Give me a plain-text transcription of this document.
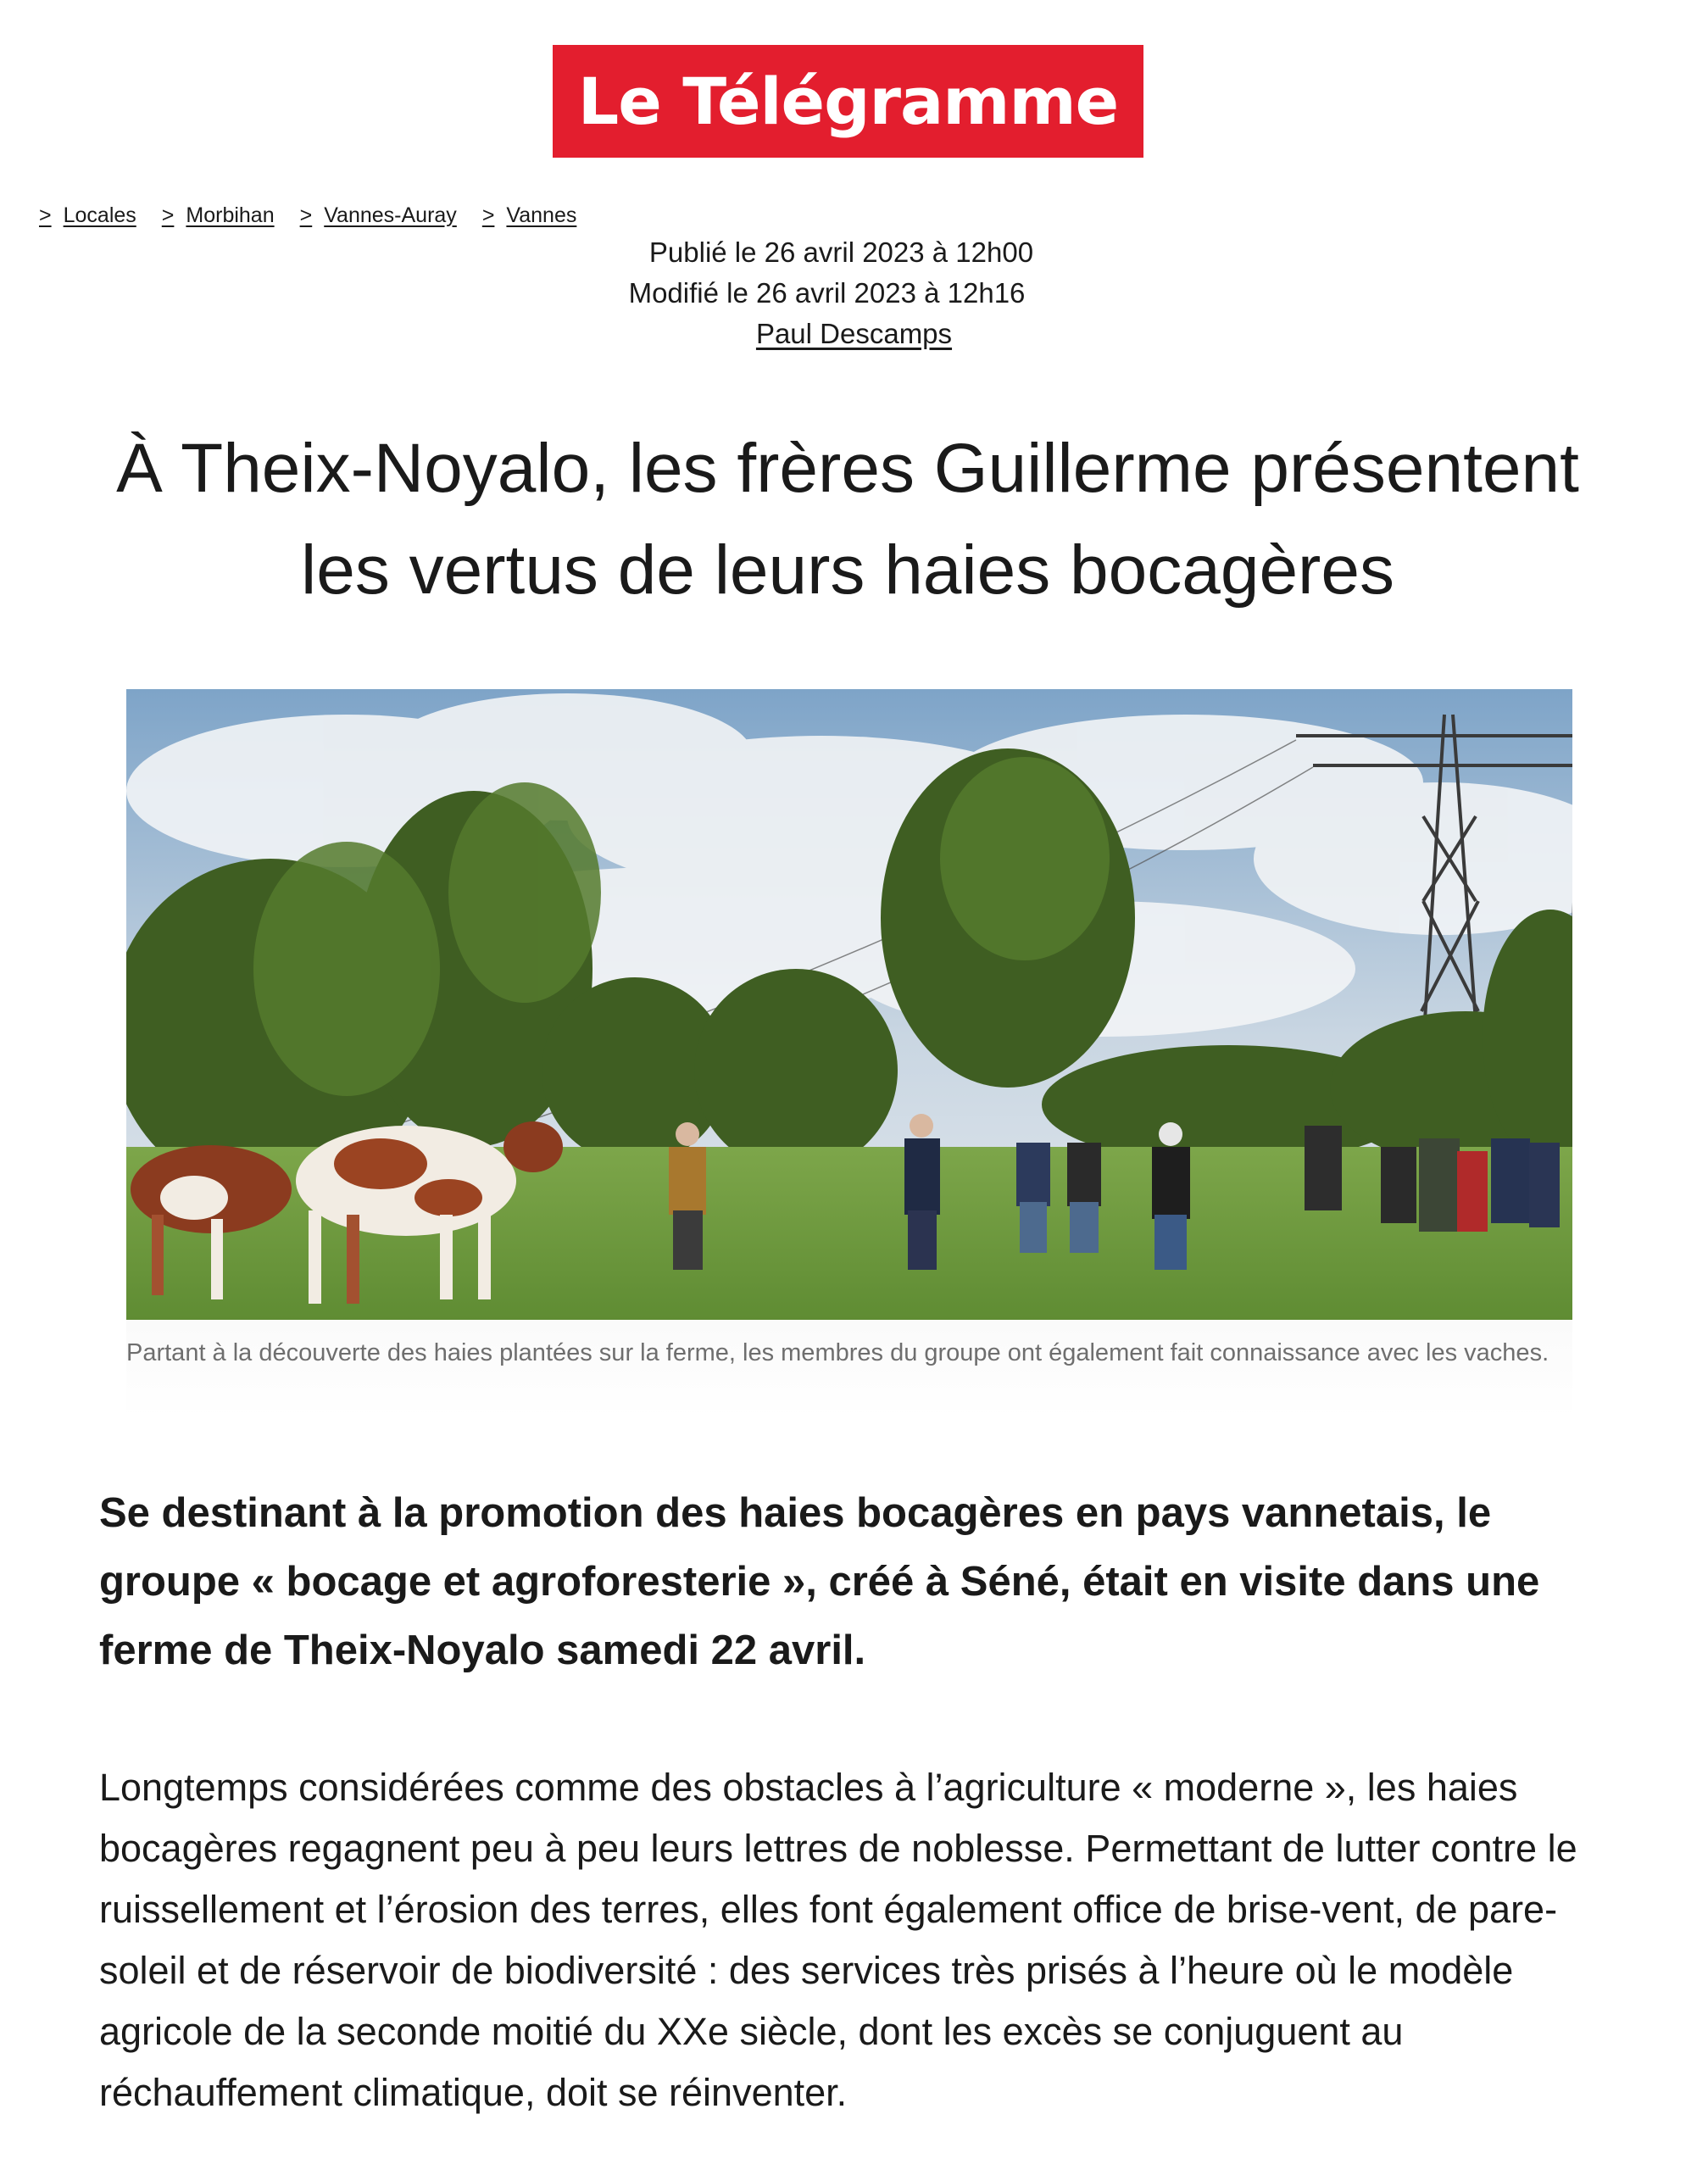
Le Télégramme
> Locales > Morbihan > Vannes-Auray > Vannes
Publié le 26 avril 2023 à 12h00
Modifié le 26 avril 2023 à 12h16
Paul Descamps
À Theix-Noyalo, les frères Guillerme présentent
les vertus de leurs haies bocagères
Partant à la découverte des haies plantées sur la ferme, les membres du groupe ont également fait connaissance avec les vaches.

Se destinant à la promotion des haies bocagères en pays vannetais, le groupe « bocage et agroforesterie », créé à Séné, était en visite dans une ferme de Theix-Noyalo samedi 22 avril.

Longtemps considérées comme des obstacles à l’agriculture « moderne », les haies bocagères regagnent peu à peu leurs lettres de noblesse. Permettant de lutter contre le ruissellement et l’érosion des terres, elles font également office de brise-vent, de pare-soleil et de réservoir de biodiversité : des services très prisés à l’heure où le modèle agricole de la seconde moitié du XXe siècle, dont les excès se conjuguent au réchauffement climatique, doit se réinventer.
